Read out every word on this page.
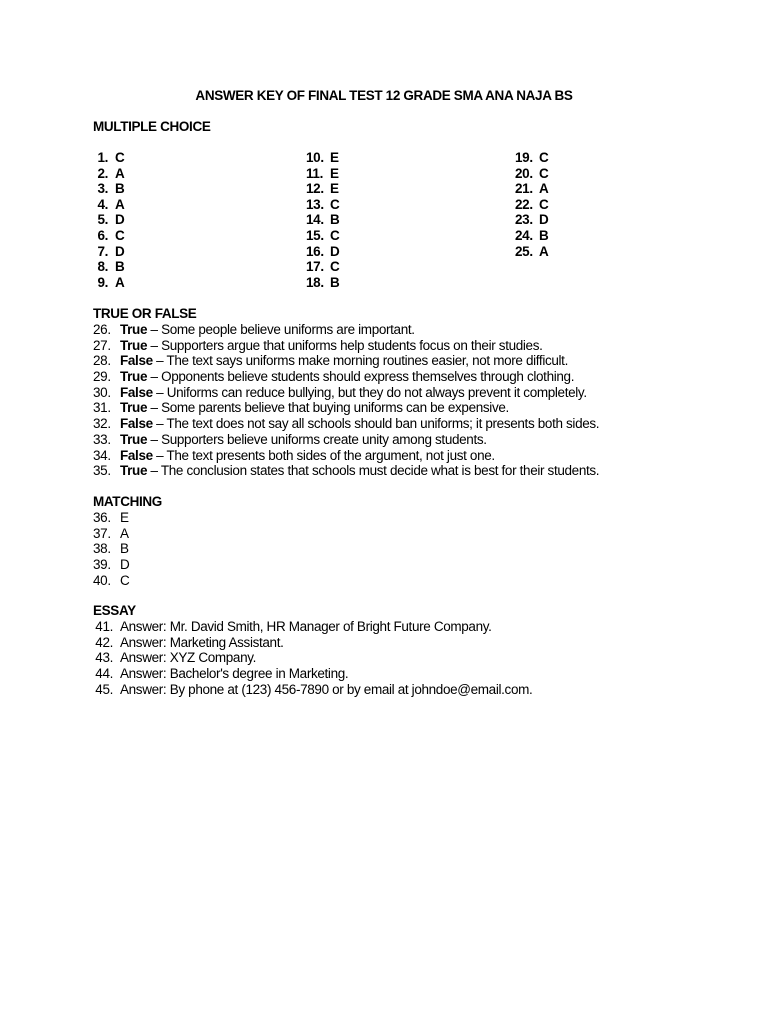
ANSWER KEY OF FINAL TEST 12 GRADE SMA ANA NAJA BS
MULTIPLE CHOICE
1. C
2. A
3. B
4. A
5. D
6. C
7. D
8. B
9. A
10. E
11. E
12. E
13. C
14. B
15. C
16. D
17. C
18. B
19. C
20. C
21. A
22. C
23. D
24. B
25. A
TRUE OR FALSE
26. True – Some people believe uniforms are important.
27. True – Supporters argue that uniforms help students focus on their studies.
28. False – The text says uniforms make morning routines easier, not more difficult.
29. True – Opponents believe students should express themselves through clothing.
30. False – Uniforms can reduce bullying, but they do not always prevent it completely.
31. True – Some parents believe that buying uniforms can be expensive.
32. False – The text does not say all schools should ban uniforms; it presents both sides.
33. True – Supporters believe uniforms create unity among students.
34. False – The text presents both sides of the argument, not just one.
35. True – The conclusion states that schools must decide what is best for their students.
MATCHING
36. E
37. A
38. B
39. D
40. C
ESSAY
41. Answer: Mr. David Smith, HR Manager of Bright Future Company.
42. Answer: Marketing Assistant.
43. Answer: XYZ Company.
44. Answer: Bachelor's degree in Marketing.
45. Answer: By phone at (123) 456-7890 or by email at johndoe@email.com.
